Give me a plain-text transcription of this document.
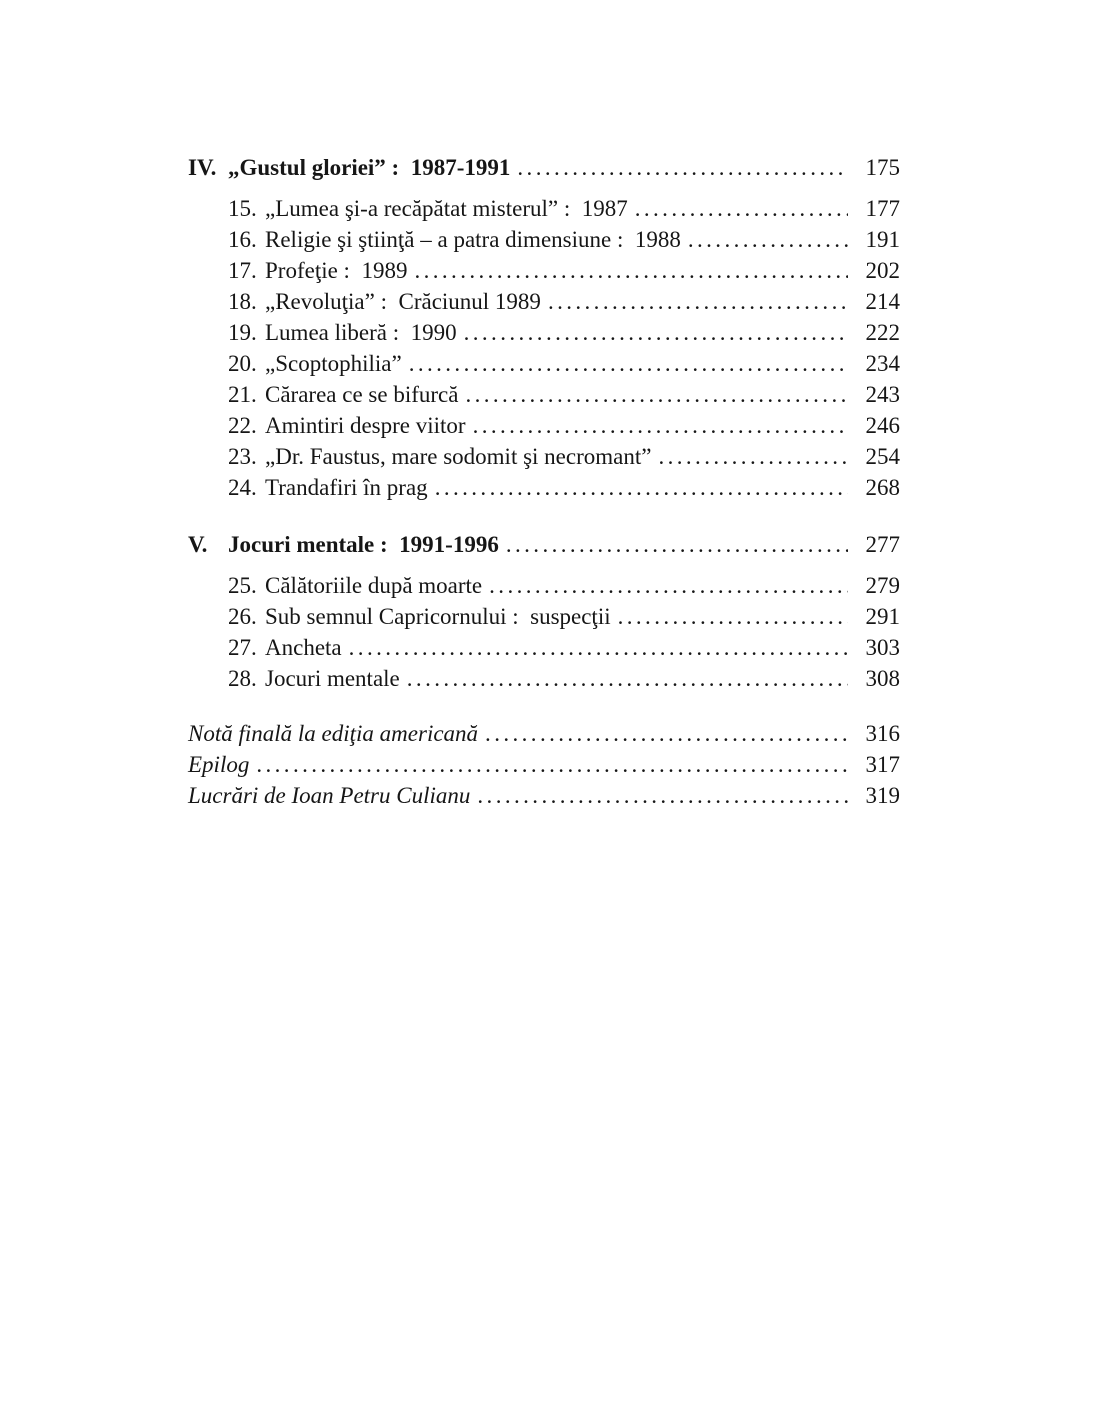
IV. „Gustul gloriei” :  1987-1991 .....	175
15. „Lumea şi-a recăpătat misterul” :  1987 .....	177
16. Religie şi ştiinţă – a patra dimensiune :  1988 .....	191
17. Profeţie :  1989 .....	202
18. „Revoluţia” :  Crăciunul 1989 .....	214
19. Lumea liberă :  1990 .....	222
20. „Scoptophilia” .....	234
21. Cărarea ce se bifurcă .....	243
22. Amintiri despre viitor .....	246
23. „Dr. Faustus, mare sodomit şi necromant” .....	254
24. Trandafiri în prag .....	268
V. Jocuri mentale :  1991-1996 .....	277
25. Călătoriile după moarte .....	279
26. Sub semnul Capricornului :  suspecţii .....	291
27. Ancheta .....	303
28. Jocuri mentale .....	308
Notă finală la ediţia americană .....	316
Epilog .....	317
Lucrări de Ioan Petru Culianu .....	319
